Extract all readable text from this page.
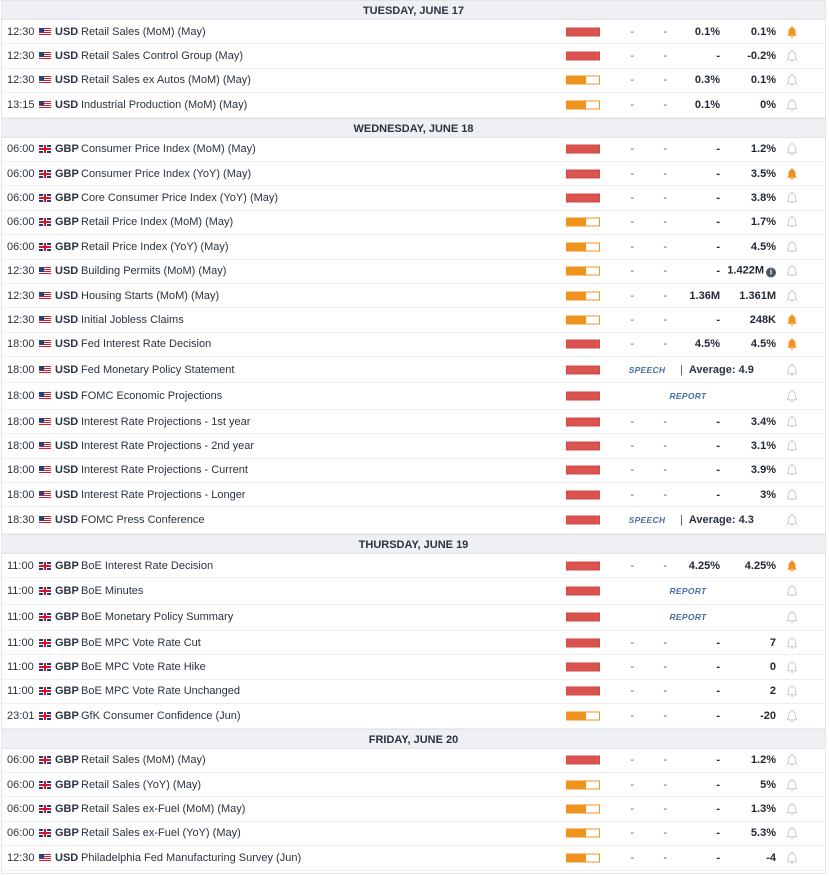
TUESDAY, JUNE 17
12:30 USD Retail Sales (MoM) (May)	-	-	0.1%	0.1%
12:30 USD Retail Sales Control Group (May)	-	-	-	-0.2%
12:30 USD Retail Sales ex Autos (MoM) (May)	-	-	0.3%	0.1%
13:15 USD Industrial Production (MoM) (May)	-	-	0.1%	0%
WEDNESDAY, JUNE 18
06:00 GBP Consumer Price Index (MoM) (May)	-	-	-	1.2%
06:00 GBP Consumer Price Index (YoY) (May)	-	-	-	3.5%
06:00 GBP Core Consumer Price Index (YoY) (May)	-	-	-	3.8%
06:00 GBP Retail Price Index (MoM) (May)	-	-	-	1.7%
06:00 GBP Retail Price Index (YoY) (May)	-	-	-	4.5%
12:30 USD Building Permits (MoM) (May)	-	-	- 1.422M i
12:30 USD Housing Starts (MoM) (May)	-	-	1.36M	1.361M
12:30 USD Initial Jobless Claims	-	-	-	248K
18:00 USD Fed Interest Rate Decision	-	-	4.5%	4.5%
18:00 USD Fed Monetary Policy Statement	SPEECH	| Average: 4.9
18:00 USD FOMC Economic Projections	REPORT
18:00 USD Interest Rate Projections - 1st year	-	-	-	3.4%
18:00 USD Interest Rate Projections - 2nd year	-	-	-	3.1%
18:00 USD Interest Rate Projections - Current	-	-	-	3.9%
18:00 USD Interest Rate Projections - Longer	-	-	-	3%
18:30 USD FOMC Press Conference	SPEECH	| Average: 4.3
THURSDAY, JUNE 19
11:00 GBP BoE Interest Rate Decision	-	-	4.25%	4.25%
11:00 GBP BoE Minutes	REPORT
11:00 GBP BoE Monetary Policy Summary	REPORT
11:00 GBP BoE MPC Vote Rate Cut	-	-	-	7
11:00 GBP BoE MPC Vote Rate Hike	-	-	-	0
11:00 GBP BoE MPC Vote Rate Unchanged	-	-	-	2
23:01 GBP GfK Consumer Confidence (Jun)	-	-	-	-20
FRIDAY, JUNE 20
06:00 GBP Retail Sales (MoM) (May)	-	-	-	1.2%
06:00 GBP Retail Sales (YoY) (May)	-	-	-	5%
06:00 GBP Retail Sales ex-Fuel (MoM) (May)	-	-	-	1.3%
06:00 GBP Retail Sales ex-Fuel (YoY) (May)	-	-	-	5.3%
12:30 USD Philadelphia Fed Manufacturing Survey (Jun)	-	-	-	-4
